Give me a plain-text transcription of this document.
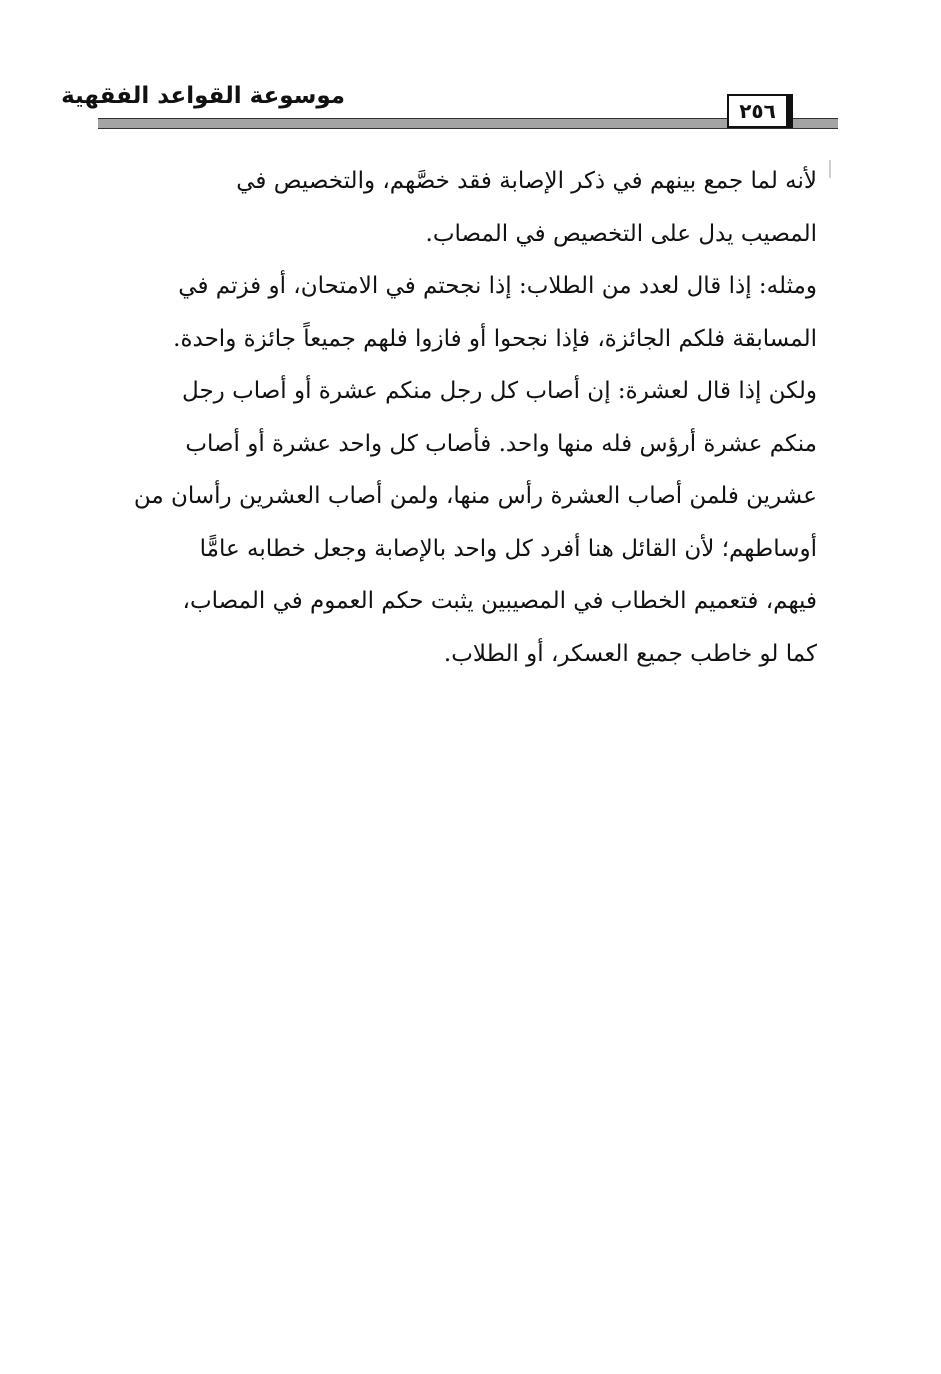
موسوعة القواعد الفقهية
٢٥٦

لأنه لما جمع بينهم في ذكر الإصابة فقد خصَّهم، والتخصيص في
المصيب يدل على التخصيص في المصاب.

ومثله: إذا قال لعدد من الطلاب: إذا نجحتم في الامتحان، أو فزتم في
المسابقة فلكم الجائزة، فإذا نجحوا أو فازوا فلهم جميعاً جائزة واحدة.

ولكن إذا قال لعشرة: إن أصاب كل رجل منكم عشرة أو أصاب رجل
منكم عشرة أرؤس فله منها واحد. فأصاب كل واحد عشرة أو أصاب
عشرين فلمن أصاب العشرة رأس منها، ولمن أصاب العشرين رأسان من
أوساطهم؛ لأن القائل هنا أفرد كل واحد بالإصابة وجعل خطابه عامًّا
فيهم، فتعميم الخطاب في المصيبين يثبت حكم العموم في المصاب،
كما لو خاطب جميع العسكر، أو الطلاب.
